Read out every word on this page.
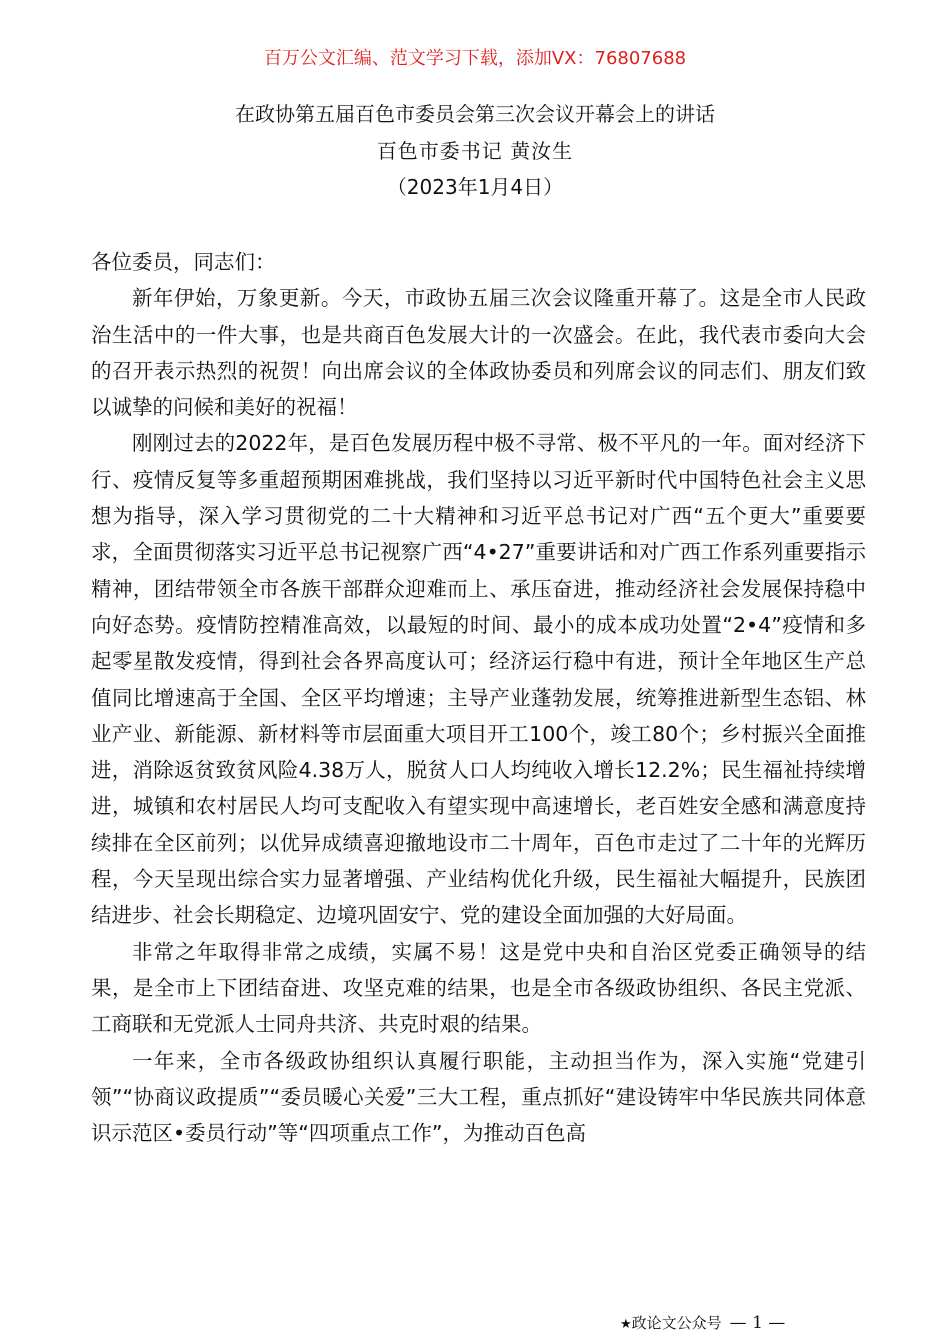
百万公文汇编、范文学习下载，添加VX：76807688
在政协第五届百色市委员会第三次会议开幕会上的讲话
百色市委书记 黄汝生
（2023年1月4日）

各位委员，同志们：

新年伊始，万象更新。今天，市政协五届三次会议隆重开幕了。这是全市人民政治生活中的一件大事，也是共商百色发展大计的一次盛会。在此，我代表市委向大会的召开表示热烈的祝贺！向出席会议的全体政协委员和列席会议的同志们、朋友们致以诚挚的问候和美好的祝福！

刚刚过去的2022年，是百色发展历程中极不寻常、极不平凡的一年。面对经济下行、疫情反复等多重超预期困难挑战，我们坚持以习近平新时代中国特色社会主义思想为指导，深入学习贯彻党的二十大精神和习近平总书记对广西“五个更大”重要要求，全面贯彻落实习近平总书记视察广西“4•27”重要讲话和对广西工作系列重要指示精神，团结带领全市各族干部群众迎难而上、承压奋进，推动经济社会发展保持稳中向好态势。疫情防控精准高效，以最短的时间、最小的成本成功处置“2•4”疫情和多起零星散发疫情，得到社会各界高度认可；经济运行稳中有进，预计全年地区生产总值同比增速高于全国、全区平均增速；主导产业蓬勃发展，统筹推进新型生态铝、林业产业、新能源、新材料等市层面重大项目开工100个，竣工80个；乡村振兴全面推进，消除返贫致贫风险4.38万人，脱贫人口人均纯收入增长12.2%；民生福祉持续增进，城镇和农村居民人均可支配收入有望实现中高速增长，老百姓安全感和满意度持续排在全区前列；以优异成绩喜迎撤地设市二十周年，百色市走过了二十年的光辉历程，今天呈现出综合实力显著增强、产业结构优化升级，民生福祉大幅提升，民族团结进步、社会长期稳定、边境巩固安宁、党的建设全面加强的大好局面。

非常之年取得非常之成绩，实属不易！这是党中央和自治区党委正确领导的结果，是全市上下团结奋进、攻坚克难的结果，也是全市各级政协组织、各民主党派、工商联和无党派人士同舟共济、共克时艰的结果。

一年来，全市各级政协组织认真履行职能，主动担当作为，深入实施“党建引领”“协商议政提质”“委员暖心关爱”三大工程，重点抓好“建设铸牢中华民族共同体意识示范区•委员行动”等“四项重点工作”，为推动百色高

★政论文公众号 — 1 —
